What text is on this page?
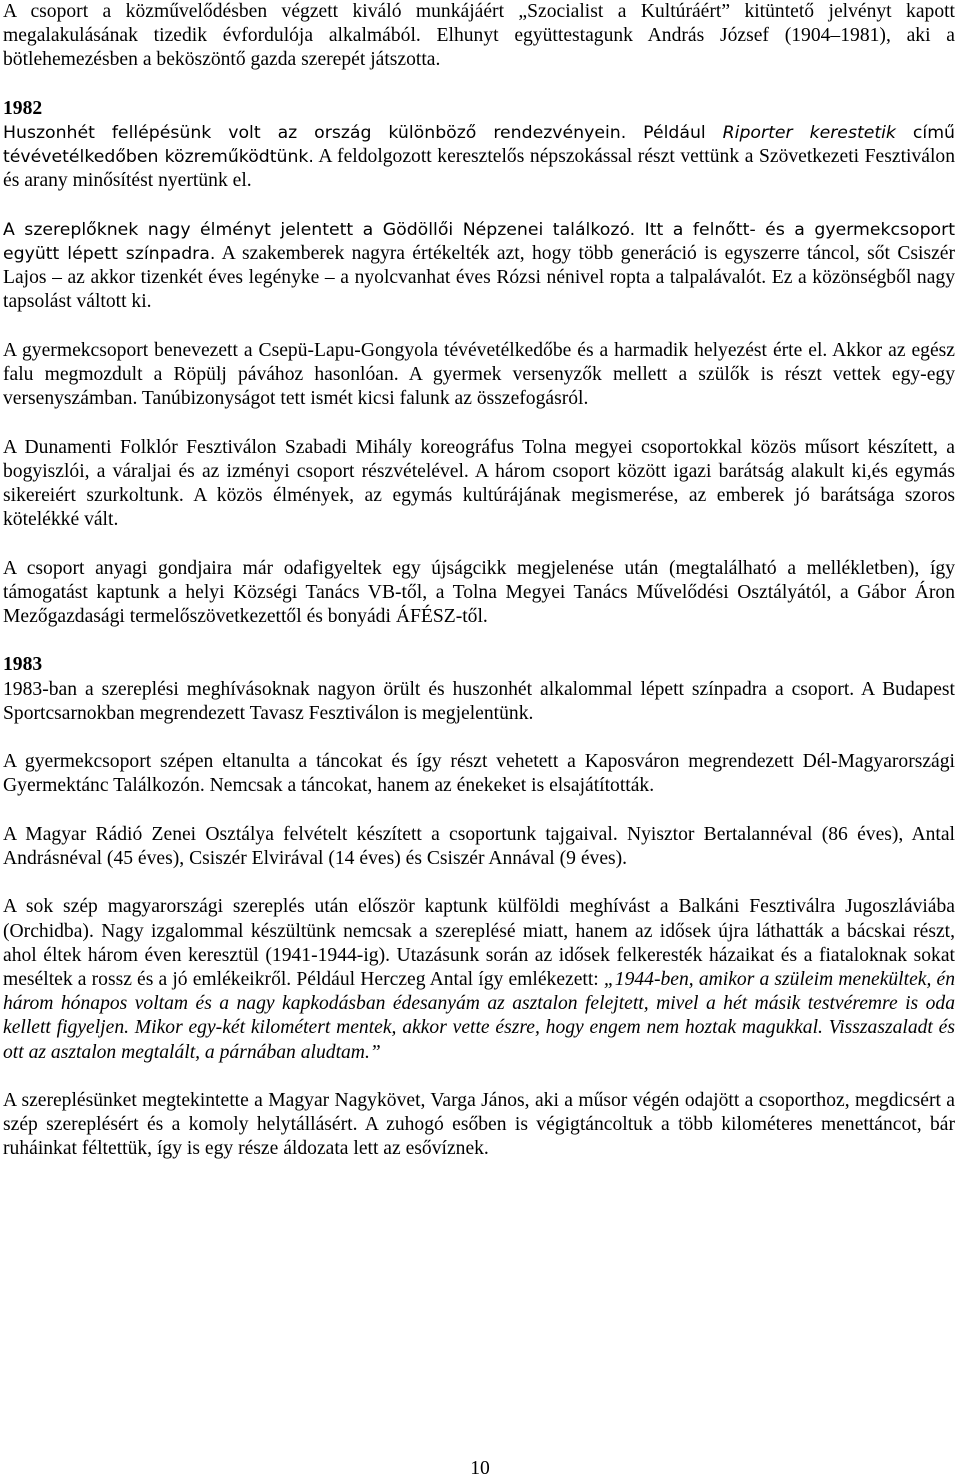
A csoport a közművelődésben végzett kiváló munkájáért „Szocialist a Kultúráért” kitüntető jelvényt kapott megalakulásának tizedik évfordulója alkalmából. Elhunyt együttestagunk András József (1904–1981), aki a bötlehemezésben a beköszöntő gazda szerepét játszotta.

1982

Huszonhét fellépésünk volt az ország különböző rendezvényein. Például Riporter kerestetik című tévévetélkedőben közreműködtünk. A feldolgozott keresztelős népszokással részt vettünk a Szövetkezeti Fesztiválon és arany minősítést nyertünk el.

A szereplőknek nagy élményt jelentett a Gödöllői Népzenei találkozó. Itt a felnőtt- és a gyermekcsoport együtt lépett színpadra. A szakemberek nagyra értékelték azt, hogy több generáció is egyszerre táncol, sőt Csiszér Lajos – az akkor tizenkét éves legényke – a nyolcvanhat éves Rózsi nénivel ropta a talpalávalót. Ez a közönségből nagy tapsolást váltott ki.

A gyermekcsoport benevezett a Csepü-Lapu-Gongyola tévévetélkedőbe és a harmadik helyezést érte el. Akkor az egész falu megmozdult a Röpülj pávához hasonlóan. A gyermek versenyzők mellett a szülők is részt vettek egy-egy versenyszámban. Tanúbizonyságot tett ismét kicsi falunk az összefogásról.

A Dunamenti Folklór Fesztiválon Szabadi Mihály koreográfus Tolna megyei csoportokkal közös műsort készített, a bogyiszlói, a váraljai és az izményi csoport részvételével. A három csoport között igazi barátság alakult ki,és egymás sikereiért szurkoltunk. A közös élmények, az egymás kultúrájának megismerése, az emberek jó barátsága szoros kötelékké vált.

A csoport anyagi gondjaira már odafigyeltek egy újságcikk megjelenése után (megtalálható a mellékletben), így támogatást kaptunk a helyi Községi Tanács VB-től, a Tolna Megyei Tanács Művelődési Osztályától, a Gábor Áron Mezőgazdasági termelőszövetkezettől és bonyádi ÁFÉSZ-től.

1983

1983-ban a szereplési meghívásoknak nagyon örült és huszonhét alkalommal lépett színpadra a csoport. A Budapest Sportcsarnokban megrendezett Tavasz Fesztiválon is megjelentünk.

A gyermekcsoport szépen eltanulta a táncokat és így részt vehetett a Kaposváron megrendezett Dél-Magyarországi Gyermektánc Találkozón. Nemcsak a táncokat, hanem az énekeket is elsajátították.

A Magyar Rádió Zenei Osztálya felvételt készített a csoportunk tajgaival. Nyisztor Bertalannéval (86 éves), Antal Andrásnéval (45 éves), Csiszér Elvirával (14 éves) és Csiszér Annával (9 éves).

A sok szép magyarországi szereplés után először kaptunk külföldi meghívást a Balkáni Fesztiválra Jugoszláviába (Orchidba). Nagy izgalommal készültünk nemcsak a szereplésé miatt, hanem az idősek újra láthatták a bácskai részt, ahol éltek három éven keresztül (1941-1944-ig). Utazásunk során az idősek felkeresték házaikat és a fiataloknak sokat meséltek a rossz és a jó emlékeikről. Például Herczeg Antal így emlékezett: „1944-ben, amikor a szüleim menekültek, én három hónapos voltam és a nagy kapkodásban édesanyám az asztalon felejtett, mivel a hét másik testvéremre is oda kellett figyeljen. Mikor egy-két kilométert mentek, akkor vette észre, hogy engem nem hoztak magukkal. Visszaszaladt és ott az asztalon megtalált, a párnában aludtam.”

A szereplésünket megtekintette a Magyar Nagykövet, Varga János, aki a műsor végén odajött a csoporthoz, megdicsért a szép szereplésért és a komoly helytállásért. A zuhogó esőben is végigtáncoltuk a több kilométeres menettáncot, bár ruháinkat féltettük, így is egy része áldozata lett az esővíznek.

10
